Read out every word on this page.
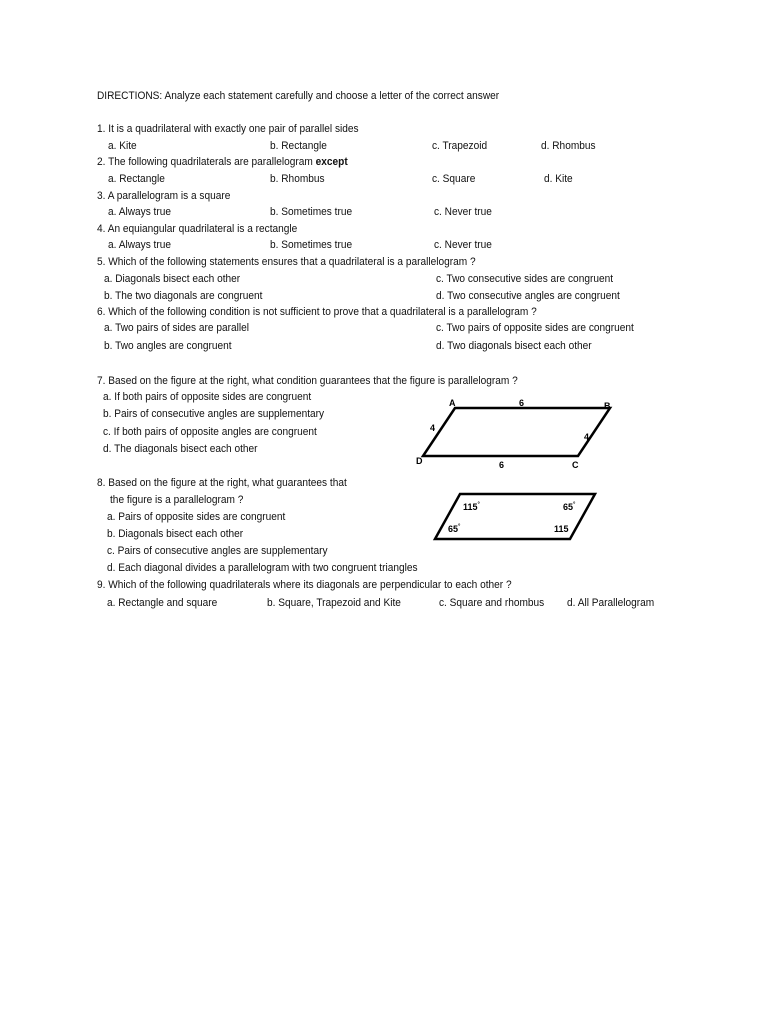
DIRECTIONS: Analyze each statement carefully and choose a letter of the correct answer
1. It is a quadrilateral with exactly one pair of parallel sides
a. Kite	b. Rectangle	c. Trapezoid	d. Rhombus
2. The following quadrilaterals are parallelogram except
a. Rectangle	b. Rhombus	c. Square	d. Kite
3. A parallelogram is a square
a. Always true	b. Sometimes true	c. Never true
4. An equiangular quadrilateral is a rectangle
a. Always true	b. Sometimes true	c. Never true
5. Which of the following statements ensures that a quadrilateral is a parallelogram ?
a. Diagonals bisect each other	c. Two consecutive sides are congruent
b. The two diagonals are congruent	d. Two consecutive angles are congruent
6. Which of the following condition is not sufficient to prove that a quadrilateral is a parallelogram ?
a. Two pairs of sides are parallel	c. Two pairs of opposite sides are congruent
b. Two angles are congruent	d. Two diagonals bisect each other
7. Based on the figure at the right, what condition guarantees that the figure is parallelogram ?
a. If both pairs of opposite sides are congruent
b. Pairs of consecutive angles are supplementary
c. If both pairs of opposite angles are congruent
d. The diagonals bisect each other
A	B
C
D
6
6
4
4
8. Based on the figure at the right, what guarantees that
the figure is a parallelogram ?
a. Pairs of opposite sides are congruent
b. Diagonals bisect each other
c. Pairs of consecutive angles are supplementary
d. Each diagonal divides a parallelogram with two congruent triangles
115°	65°
65°	115
9. Which of the following quadrilaterals where its diagonals are perpendicular to each other ?
a. Rectangle and square	b. Square, Trapezoid and Kite	c. Square and rhombus d. All Parallelogram
